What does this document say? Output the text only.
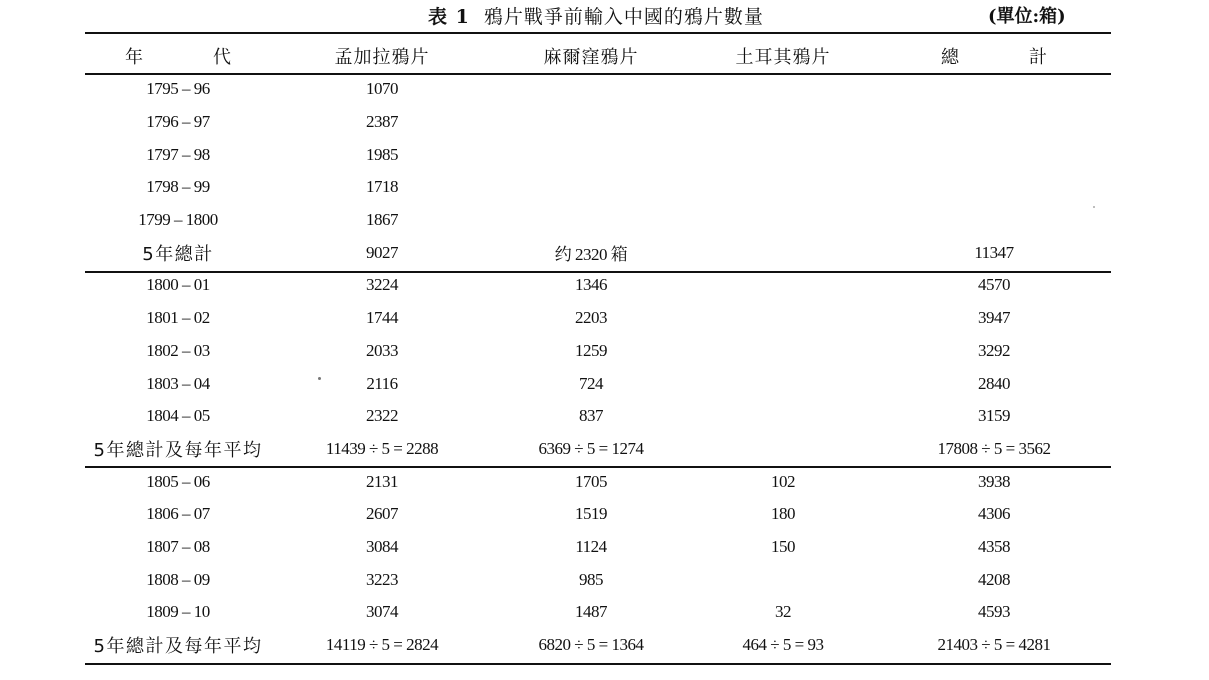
表 1 鴉片戰爭前輸入中國的鴉片數量	(單位:箱)
年　代	孟加拉鴉片	麻爾窪鴉片	土耳其鴉片	總　計
1795 – 96	1070			
1796 – 97	2387			
1797 – 98	1985			
1798 – 99	1718			
1799 – 1800	1867			
5年總計	9027	约 2320 箱		11347
1800 – 01	3224	1346		4570
1801 – 02	1744	2203		3947
1802 – 03	2033	1259		3292
1803 – 04	2116	724		2840
1804 – 05	2322	837		3159
5年總計及每年平均	11439 ÷ 5 = 2288	6369 ÷ 5 = 1274		17808 ÷ 5 = 3562
1805 – 06	2131	1705	102	3938
1806 – 07	2607	1519	180	4306
1807 – 08	3084	1124	150	4358
1808 – 09	3223	985		4208
1809 – 10	3074	1487	32	4593
5年總計及每年平均	14119 ÷ 5 = 2824	6820 ÷ 5 = 1364	464 ÷ 5 = 93	21403 ÷ 5 = 4281
